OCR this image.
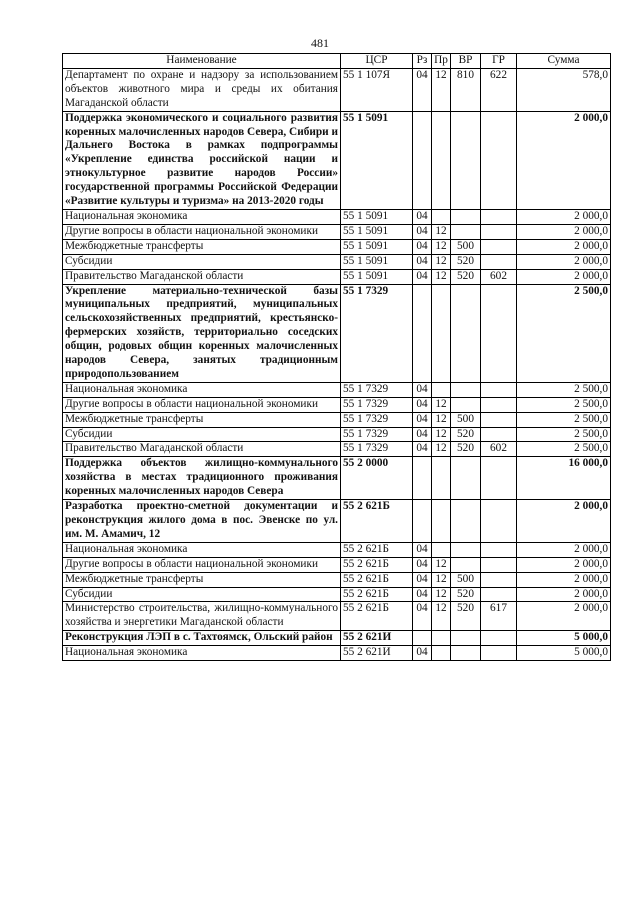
481
Наименование	ЦСР	Рз	Пр	ВР	ГР	Сумма
Департамент по охране и надзору за использованием объектов животного мира и среды их обитания Магаданской области	55 1 107Я	04	12	810	622	578,0
Поддержка экономического и социального развития коренных малочисленных народов Севера, Сибири и Дальнего Востока в рамках подпрограммы «Укрепление единства российской нации и этнокультурное развитие народов России» государственной программы Российской Федерации «Развитие культуры и туризма» на 2013-2020 годы	55 1 5091					2 000,0
Национальная экономика	55 1 5091	04				2 000,0
Другие вопросы в области национальной экономики	55 1 5091	04	12			2 000,0
Межбюджетные трансферты	55 1 5091	04	12	500		2 000,0
Субсидии	55 1 5091	04	12	520		2 000,0
Правительство Магаданской области	55 1 5091	04	12	520	602	2 000,0
Укрепление материально-технической базы муниципальных предприятий, муниципальных сельскохозяйственных предприятий, крестьянско-фермерских хозяйств, территориально соседских общин, родовых общин коренных малочисленных народов Севера, занятых традиционным природопользованием	55 1 7329					2 500,0
Национальная экономика	55 1 7329	04				2 500,0
Другие вопросы в области национальной экономики	55 1 7329	04	12			2 500,0
Межбюджетные трансферты	55 1 7329	04	12	500		2 500,0
Субсидии	55 1 7329	04	12	520		2 500,0
Правительство Магаданской области	55 1 7329	04	12	520	602	2 500,0
Поддержка объектов жилищно-коммунального хозяйства в местах традиционного проживания коренных малочисленных народов Севера	55 2 0000					16 000,0
Разработка проектно-сметной документации и реконструкция жилого дома в пос. Эвенске по ул. им. М. Амамич, 12	55 2 621Б					2 000,0
Национальная экономика	55 2 621Б	04				2 000,0
Другие вопросы в области национальной экономики	55 2 621Б	04	12			2 000,0
Межбюджетные трансферты	55 2 621Б	04	12	500		2 000,0
Субсидии	55 2 621Б	04	12	520		2 000,0
Министерство строительства, жилищно-коммунального хозяйства и энергетики Магаданской области	55 2 621Б	04	12	520	617	2 000,0
Реконструкция ЛЭП в с. Тахтоямск, Ольский район	55 2 621И					5 000,0
Национальная экономика	55 2 621И	04				5 000,0
